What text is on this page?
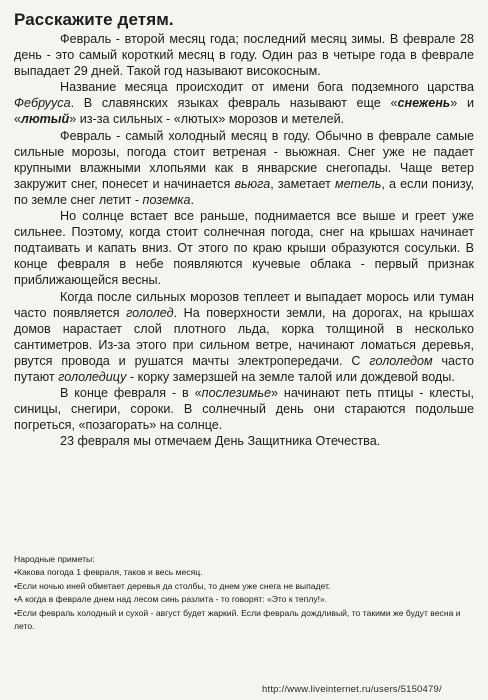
Расскажите детям.

Февраль - второй месяц года; последний месяц зимы. В феврале 28 день - это самый короткий месяц в году. Один раз в четыре года в феврале выпадает 29 дней. Такой год называют високосным.

Название месяца происходит от имени бога подземного царства Фебрууса. В славянских языках февраль называют еще «снежень» и «лютый» из-за сильных - «лютых» морозов и метелей.

Февраль - самый холодный месяц в году. Обычно в феврале самые сильные морозы, погода стоит ветреная - вьюжная. Снег уже не падает крупными влажными хлопьями как в январские снегопады. Чаще ветер закружит снег, понесет и начинается вьюга, заметает метель, а если понизу, по земле снег летит - поземка.

Но солнце встает все раньше, поднимается все выше и греет уже сильнее. Поэтому, когда стоит солнечная погода, снег на крышах начинает подтаивать и капать вниз. От этого по краю крыши образуются сосульки. В конце февраля в небе появляются кучевые облака - первый признак приближающейся весны.

Когда после сильных морозов теплеет и выпадает морось или туман часто появляется гололед. На поверхности земли, на дорогах, на крышах домов нарастает слой плотного льда, корка толщиной в несколько сантиметров. Из-за этого при сильном ветре, начинают ломаться деревья, рвутся провода и рушатся мачты электропередачи. С гололедом часто путают гололедицу - корку замерзшей на земле талой или дождевой воды.

В конце февраля - в «послезимье» начинают петь птицы - клесты, синицы, снегири, сороки. В солнечный день они стараются подольше погреться, «позагорать» на солнце.

23 февраля мы отмечаем День Защитника Отечества.

Народные приметы:

•Какова погода 1 февраля, таков и весь месяц.
•Если ночью иней обметает деревья да столбы, то днем уже снега не выпадет.
•А когда в феврале днем над лесом синь разлита - то говорят: «Это к теплу!».
•Если февраль холодный и сухой - август будет жаркий. Если февраль дождливый, то такими же будут весна и лето.
http://www.liveinternet.ru/users/5150479/
